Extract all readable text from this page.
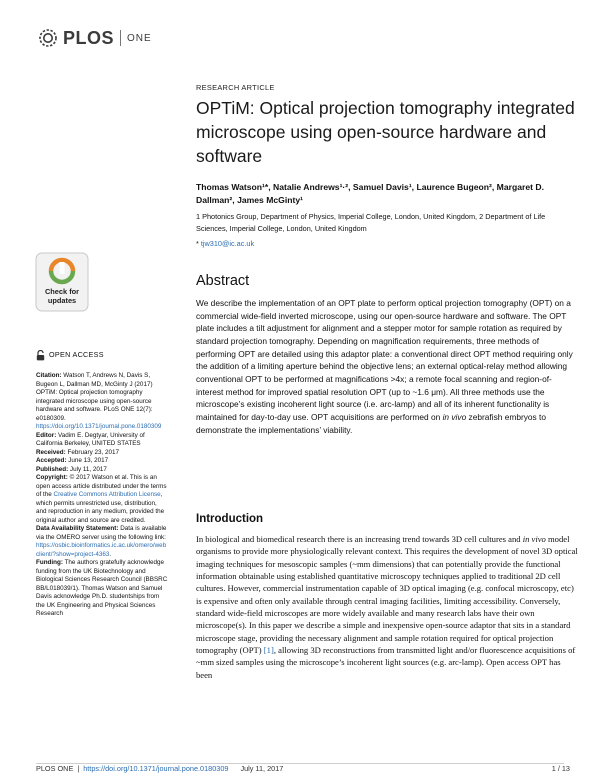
PLOS ONE
RESEARCH ARTICLE
OPTiM: Optical projection tomography integrated microscope using open-source hardware and software
Thomas Watson¹*, Natalie Andrews¹·², Samuel Davis¹, Laurence Bugeon², Margaret D. Dallman², James McGinty¹
1 Photonics Group, Department of Physics, Imperial College, London, United Kingdom, 2 Department of Life Sciences, Imperial College, London, United Kingdom
* tjw310@ic.ac.uk
Abstract

We describe the implementation of an OPT plate to perform optical projection tomography (OPT) on a commercial wide-field inverted microscope, using our open-source hardware and software. The OPT plate includes a tilt adjustment for alignment and a stepper motor for sample rotation as required by standard projection tomography. Depending on magnification requirements, three methods of performing OPT are detailed using this adaptor plate: a conventional direct OPT method requiring only the addition of a limiting aperture behind the objective lens; an external optical-relay method allowing conventional OPT to be performed at magnifications >4x; a remote focal scanning and region-of-interest method for improved spatial resolution OPT (up to ~1.6 μm). All three methods use the microscope’s existing incoherent light source (i.e. arc-lamp) and all of its inherent functionality is maintained for day-to-day use. OPT acquisitions are performed on in vivo zebrafish embryos to demonstrate the implementations’ viability.

Introduction

In biological and biomedical research there is an increasing trend towards 3D cell cultures and in vivo model organisms to provide more physiologically relevant context. This requires the development of novel 3D optical imaging techniques for mesoscopic samples (~mm dimensions) that can potentially provide the functional information obtainable using established quantitative microscopy techniques applied to traditional 2D cell cultures. However, commercial instrumentation capable of 3D optical imaging (e.g. confocal microscopy, etc) is expensive and often only available through central imaging facilities, limiting accessibility. Conversely, standard wide-field microscopes are more widely available and many research labs have their own microscope(s). In this paper we describe a simple and inexpensive open-source adaptor that sits in a standard microscope stage, providing the necessary alignment and sample rotation required for optical projection tomography (OPT) [1], allowing 3D reconstructions from transmitted light and/or fluorescence acquisitions of ~mm sized samples using the microscope’s incoherent light sources (e.g. arc-lamp). Open access OPT has been

Check for
updates
OPEN ACCESS

Citation: Watson T, Andrews N, Davis S, Bugeon L, Dallman MD, McGinty J (2017) OPTiM: Optical projection tomography integrated microscope using open-source hardware and software. PLoS ONE 12(7): e0180309. https://doi.org/10.1371/journal.pone.0180309

Editor: Vadim E. Degtyar, University of California Berkeley, UNITED STATES

Received: February 23, 2017

Accepted: June 13, 2017

Published: July 11, 2017

Copyright: © 2017 Watson et al. This is an open access article distributed under the terms of the Creative Commons Attribution License, which permits unrestricted use, distribution, and reproduction in any medium, provided the original author and source are credited.

Data Availability Statement: Data is available via the OMERO server using the following link: https://osbic.bioinformatics.ic.ac.uk/omero/webclient/?show=project-4363.

Funding: The authors gratefully acknowledge funding from the UK Biotechnology and Biological Sciences Research Council (BBSRC BB/L018039/1). Thomas Watson and Samuel Davis acknowledge Ph.D. studentships from the UK Engineering and Physical Sciences Research

PLOS ONE | https://doi.org/10.1371/journal.pone.0180309 July 11, 2017	1 / 13
